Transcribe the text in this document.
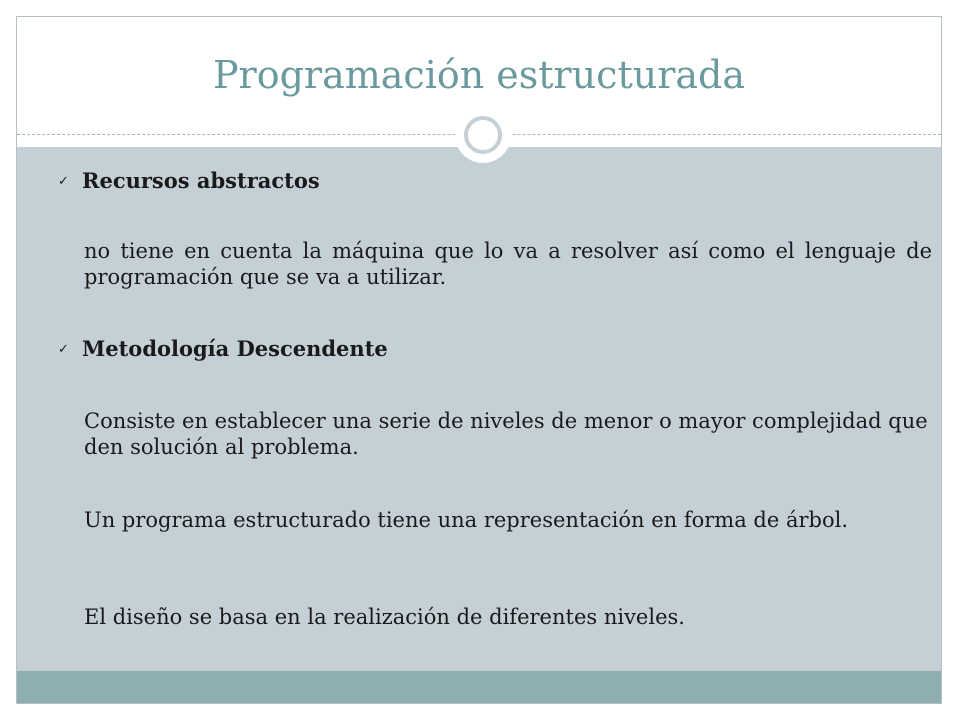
Programación estructurada
✓ Recursos abstractos
no tiene en cuenta la máquina que lo va a resolver así como el lenguaje de programación que se va a utilizar.
✓ Metodología Descendente
Consiste en establecer una serie de niveles de menor o mayor complejidad que den solución al problema.
Un programa estructurado tiene una representación en forma de árbol.
El diseño se basa en la realización de diferentes niveles.
